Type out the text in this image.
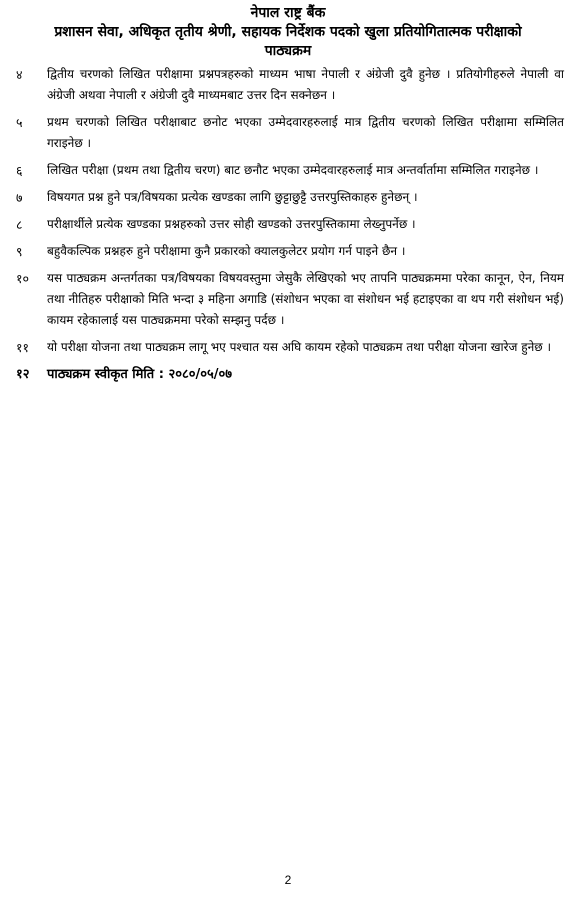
नेपाल राष्ट्र बैंक
प्रशासन सेवा, अधिकृत तृतीय श्रेणी, सहायक निर्देशक पदको खुला प्रतियोगितात्मक परीक्षाको
पाठ्यक्रम
४	द्वितीय चरणको लिखित परीक्षामा प्रश्नपत्रहरुको माध्यम भाषा नेपाली र अंग्रेजी दुवै हुनेछ । प्रतियोगीहरुले नेपाली वा अंग्रेजी अथवा नेपाली र अंग्रेजी दुवै माध्यमबाट उत्तर दिन सक्नेछन ।
५	प्रथम चरणको लिखित परीक्षाबाट छनोट भएका उम्मेदवारहरुलाई मात्र द्वितीय चरणको लिखित परीक्षामा सम्मिलित गराइनेछ ।
६	लिखित परीक्षा (प्रथम तथा द्वितीय चरण) बाट छनौट भएका उम्मेदवारहरुलाई मात्र अन्तर्वार्तामा सम्मिलित गराइनेछ ।
७	विषयगत प्रश्न हुने पत्र/विषयका प्रत्येक खण्डका लागि छुट्टाछुट्टै उत्तरपुस्तिकाहरु हुनेछन् ।
८	परीक्षार्थीले प्रत्येक खण्डका प्रश्नहरुको उत्तर सोही खण्डको उत्तरपुस्तिकामा लेख्नुपर्नेछ ।
९	बहुवैकल्पिक प्रश्नहरु हुने परीक्षामा कुनै प्रकारको क्यालकुलेटर प्रयोग गर्न पाइने छैन ।
१०	यस पाठ्यक्रम अन्तर्गतका पत्र/विषयका विषयवस्तुमा जेसुकै लेखिएको भए तापनि पाठ्यक्रममा परेका कानून, ऐन, नियम तथा नीतिहरु परीक्षाको मिति भन्दा ३ महिना अगाडि (संशोधन भएका वा संशोधन भई हटाइएका वा थप गरी संशोधन भई) कायम रहेकालाई यस पाठ्यक्रममा परेको सम्झनु पर्दछ ।
११	यो परीक्षा योजना तथा पाठ्यक्रम लागू भए पश्चात यस अघि कायम रहेको पाठ्यक्रम तथा परीक्षा योजना खारेज हुनेछ ।
१२	पाठ्यक्रम स्वीकृत मिति : २०८०/०५/०७
2
